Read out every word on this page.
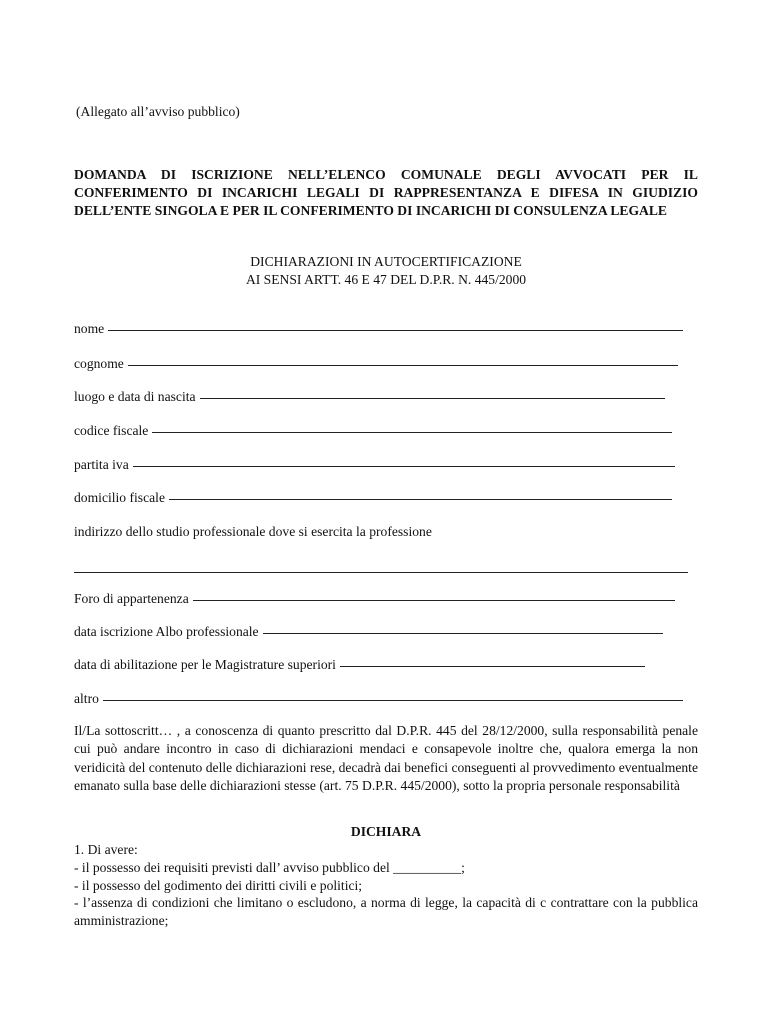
(Allegato all’avviso pubblico)
DOMANDA DI ISCRIZIONE NELL’ELENCO COMUNALE DEGLI AVVOCATI PER IL CONFERIMENTO DI INCARICHI LEGALI DI RAPPRESENTANZA E DIFESA IN GIUDIZIO DELL’ENTE SINGOLA E PER IL CONFERIMENTO DI INCARICHI DI CONSULENZA LEGALE
DICHIARAZIONI IN AUTOCERTIFICAZIONE
AI SENSI ARTT. 46 E 47 DEL D.P.R. N. 445/2000
nome
cognome
luogo e data di nascita
codice fiscale
partita iva
domicilio fiscale
indirizzo dello studio professionale dove si esercita la professione
Foro di appartenenza
data iscrizione Albo professionale
data di abilitazione per le Magistrature superiori
altro
Il/La sottoscritt… , a conoscenza di quanto prescritto dal D.P.R. 445 del 28/12/2000, sulla responsabilità penale cui può andare incontro in caso di dichiarazioni mendaci e consapevole inoltre che, qualora emerga la non veridicità del contenuto delle dichiarazioni rese, decadrà dai benefici conseguenti al provvedimento eventualmente emanato sulla base delle dichiarazioni stesse (art. 75 D.P.R. 445/2000), sotto la propria personale responsabilità
DICHIARA
1. Di avere:
- il possesso dei requisiti previsti dall’ avviso pubblico del __________;
- il possesso del godimento dei diritti civili e politici;
- l’assenza di condizioni che limitano o escludono, a norma di legge, la capacità di c contrattare con la pubblica amministrazione;
